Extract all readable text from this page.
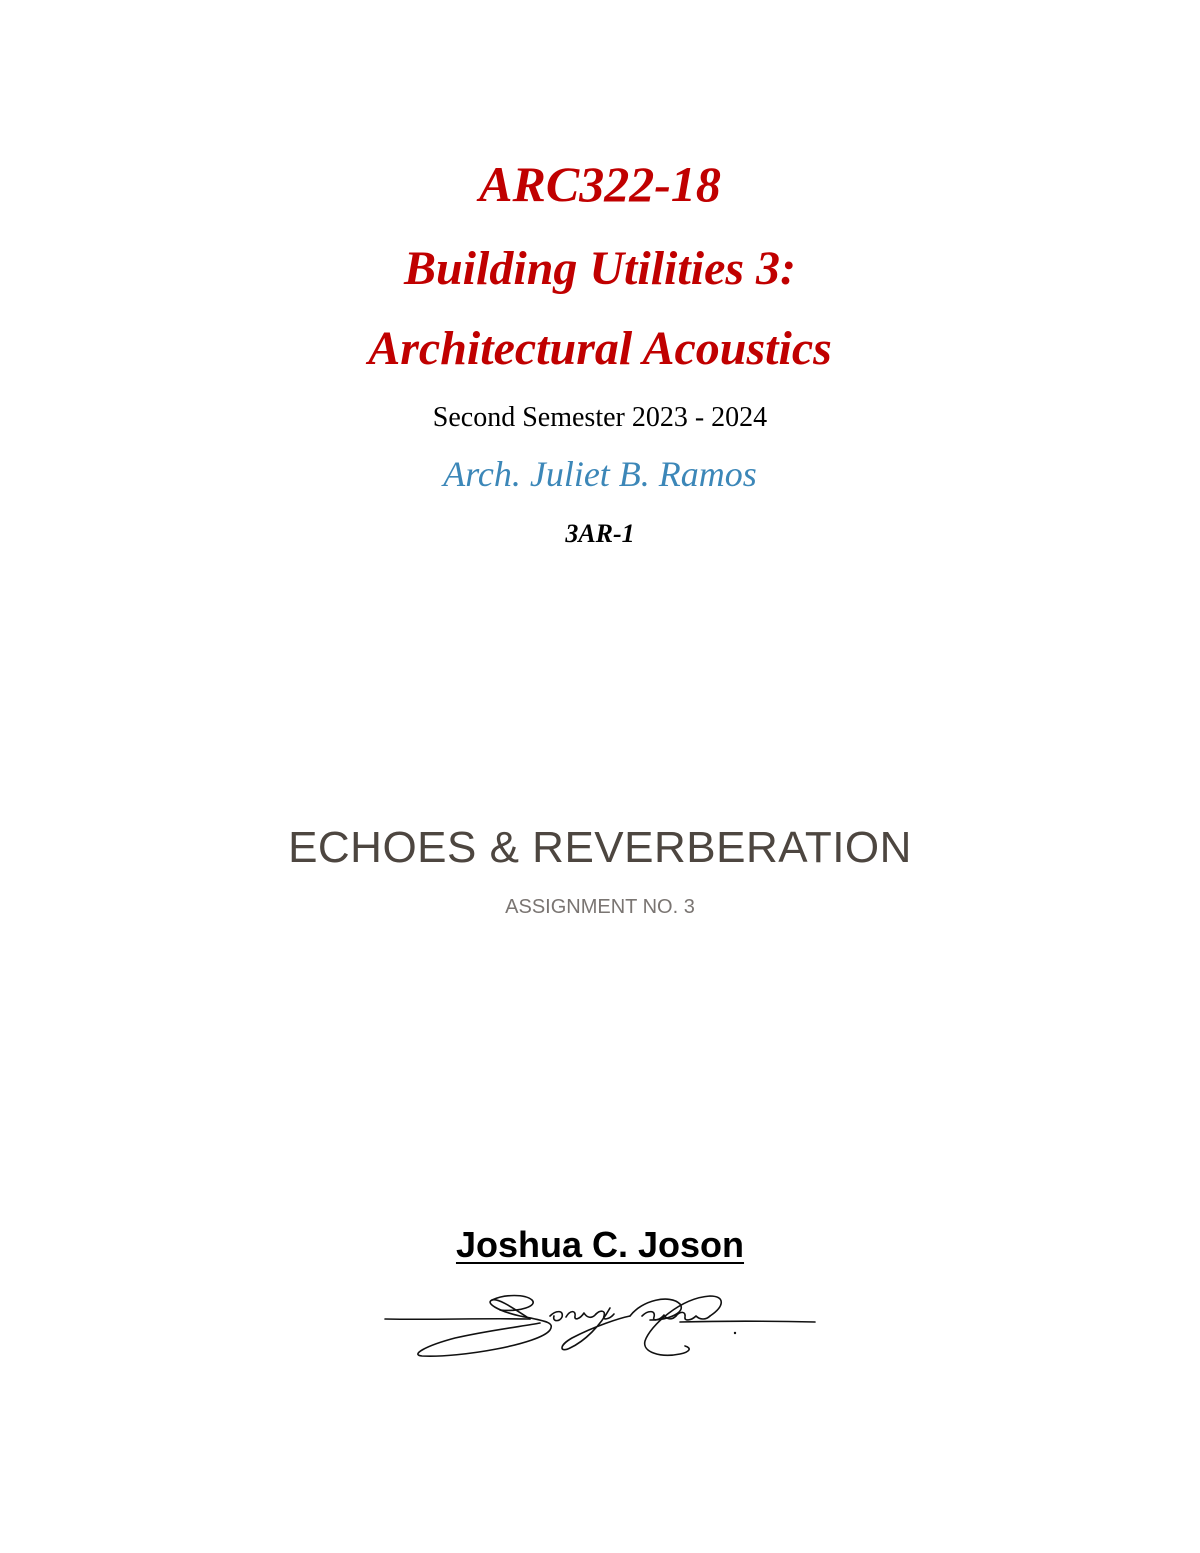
ARC322-18
Building Utilities 3:
Architectural Acoustics
Second Semester 2023 - 2024
Arch. Juliet B. Ramos
3AR-1
ECHOES & REVERBERATION
ASSIGNMENT NO. 3
Joshua C. Joson
